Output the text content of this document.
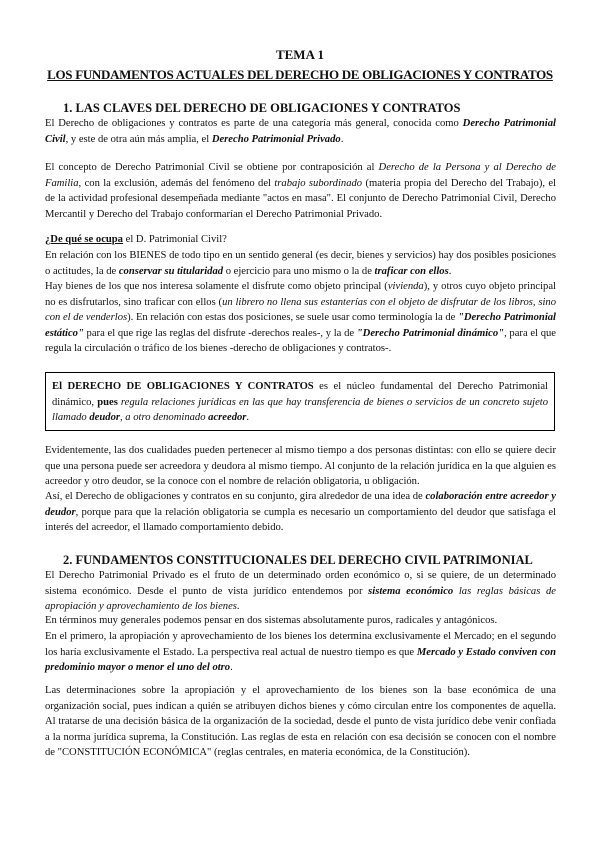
TEMA 1
LOS FUNDAMENTOS ACTUALES DEL DERECHO DE OBLIGACIONES Y CONTRATOS
1. LAS CLAVES DEL DERECHO DE OBLIGACIONES Y CONTRATOS

El Derecho de obligaciones y contratos es parte de una categoría más general, conocida como Derecho Patrimonial Civil, y este de otra aún más amplia, el Derecho Patrimonial Privado.

El concepto de Derecho Patrimonial Civil se obtiene por contraposición al Derecho de la Persona y al Derecho de Familia, con la exclusión, además del fenómeno del trabajo subordinado (materia propia del Derecho del Trabajo), el de la actividad profesional desempeñada mediante "actos en masa". El conjunto de Derecho Patrimonial Civil, Derecho Mercantil y Derecho del Trabajo conformarían el Derecho Patrimonial Privado.

¿De qué se ocupa el D. Patrimonial Civil?

En relación con los BIENES de todo tipo en un sentido general (es decir, bienes y servicios) hay dos posibles posiciones o actitudes, la de conservar su titularidad o ejercicio para uno mismo o la de traficar con ellos.

Hay bienes de los que nos interesa solamente el disfrute como objeto principal (vivienda), y otros cuyo objeto principal no es disfrutarlos, sino traficar con ellos (un librero no llena sus estanterías con el objeto de disfrutar de los libros, sino con el de venderlos). En relación con estas dos posiciones, se suele usar como terminología la de "Derecho Patrimonial estático" para el que rige las reglas del disfrute -derechos reales-, y la de "Derecho Patrimonial dinámico", para el que regula la circulación o tráfico de los bienes -derecho de obligaciones y contratos-.

El DERECHO DE OBLIGACIONES Y CONTRATOS es el núcleo fundamental del Derecho Patrimonial dinámico, pues regula relaciones jurídicas en las que hay transferencia de bienes o servicios de un concreto sujeto llamado deudor, a otro denominado acreedor.

Evidentemente, las dos cualidades pueden pertenecer al mismo tiempo a dos personas distintas: con ello se quiere decir que una persona puede ser acreedora y deudora al mismo tiempo. Al conjunto de la relación jurídica en la que alguien es acreedor y otro deudor, se la conoce con el nombre de relación obligatoria, u obligación.

Así, el Derecho de obligaciones y contratos en su conjunto, gira alrededor de una idea de colaboración entre acreedor y deudor, porque para que la relación obligatoria se cumpla es necesario un comportamiento del deudor que satisfaga el interés del acreedor, el llamado comportamiento debido.

2. FUNDAMENTOS CONSTITUCIONALES DEL DERECHO CIVIL PATRIMONIAL

El Derecho Patrimonial Privado es el fruto de un determinado orden económico o, si se quiere, de un determinado sistema económico. Desde el punto de vista jurídico entendemos por sistema económico las reglas básicas de apropiación y aprovechamiento de los bienes.

En términos muy generales podemos pensar en dos sistemas absolutamente puros, radicales y antagónicos.

En el primero, la apropiación y aprovechamiento de los bienes los determina exclusivamente el Mercado; en el segundo los haría exclusivamente el Estado. La perspectiva real actual de nuestro tiempo es que Mercado y Estado conviven con predominio mayor o menor el uno del otro.

Las determinaciones sobre la apropiación y el aprovechamiento de los bienes son la base económica de una organización social, pues indican a quién se atribuyen dichos bienes y cómo circulan entre los componentes de aquella. Al tratarse de una decisión básica de la organización de la sociedad, desde el punto de vista jurídico debe venir confiada a la norma jurídica suprema, la Constitución. Las reglas de esta en relación con esa decisión se conocen con el nombre de "CONSTITUCIÓN ECONÓMICA" (reglas centrales, en materia económica, de la Constitución).
